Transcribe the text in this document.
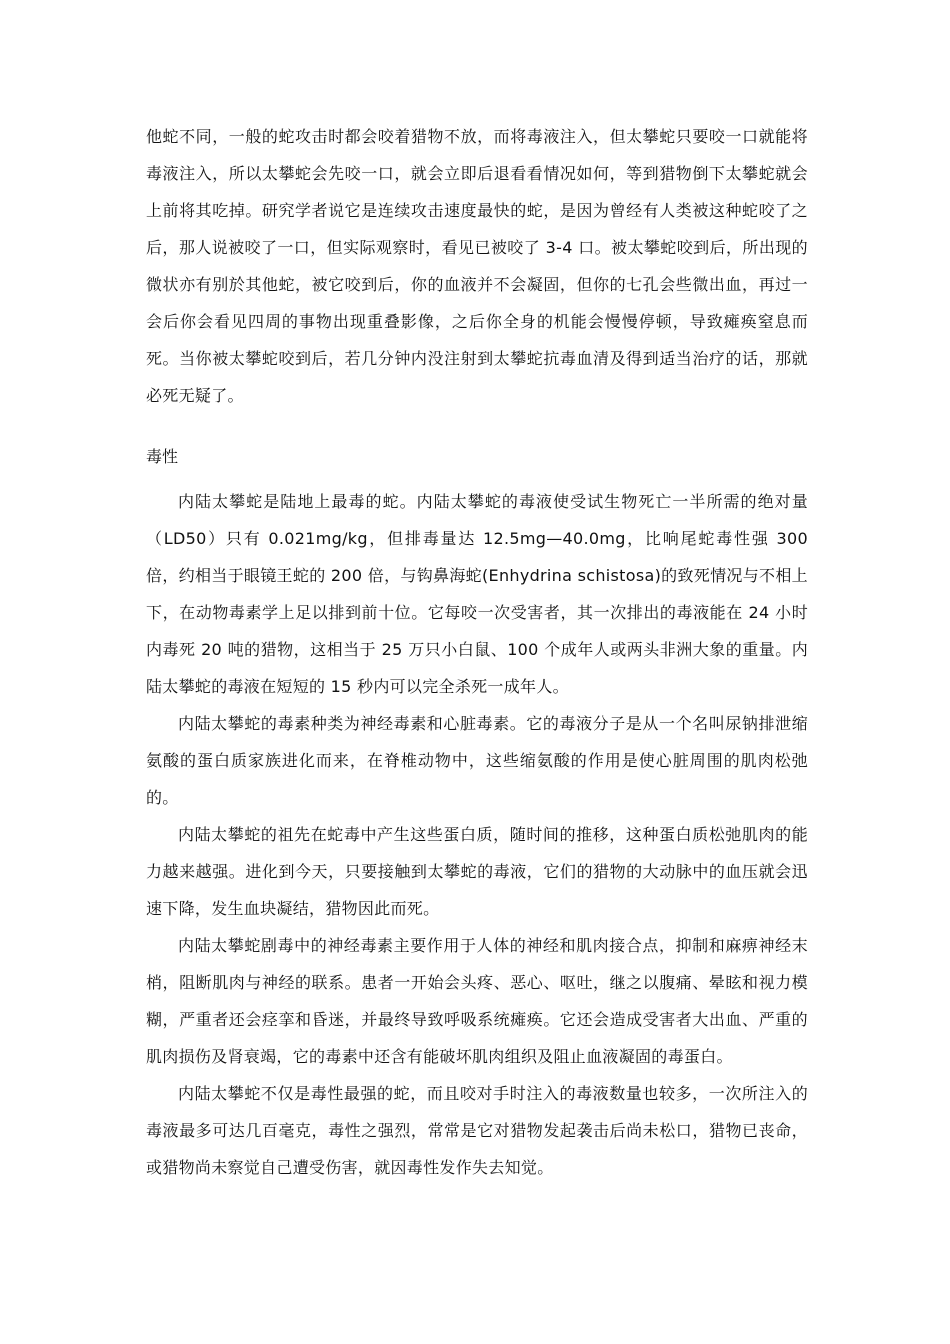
他蛇不同，一般的蛇攻击时都会咬着猎物不放，而将毒液注入，但太攀蛇只要咬一口就能将毒液注入，所以太攀蛇会先咬一口，就会立即后退看看情况如何，等到猎物倒下太攀蛇就会上前将其吃掉。研究学者说它是连续攻击速度最快的蛇，是因为曾经有人类被这种蛇咬了之后，那人说被咬了一口，但实际观察时，看见已被咬了 3-4 口。被太攀蛇咬到后，所出现的微状亦有别於其他蛇，被它咬到后，你的血液并不会凝固，但你的七孔会些微出血，再过一会后你会看见四周的事物出现重叠影像，之后你全身的机能会慢慢停顿，导致瘫痪窒息而死。当你被太攀蛇咬到后，若几分钟内没注射到太攀蛇抗毒血清及得到适当治疗的话，那就必死无疑了。

毒性

内陆太攀蛇是陆地上最毒的蛇。内陆太攀蛇的毒液使受试生物死亡一半所需的绝对量（LD50）只有 0.021mg/kg，但排毒量达 12.5mg—40.0mg，比响尾蛇毒性强 300 倍，约相当于眼镜王蛇的 200 倍，与钩鼻海蛇(Enhydrina schistosa)的致死情况与不相上下，在动物毒素学上足以排到前十位。它每咬一次受害者，其一次排出的毒液能在 24 小时内毒死 20 吨的猎物，这相当于 25 万只小白鼠、100 个成年人或两头非洲大象的重量。内陆太攀蛇的毒液在短短的 15 秒内可以完全杀死一成年人。

内陆太攀蛇的毒素种类为神经毒素和心脏毒素。它的毒液分子是从一个名叫尿钠排泄缩氨酸的蛋白质家族进化而来，在脊椎动物中，这些缩氨酸的作用是使心脏周围的肌肉松弛的。

内陆太攀蛇的祖先在蛇毒中产生这些蛋白质，随时间的推移，这种蛋白质松弛肌肉的能力越来越强。进化到今天，只要接触到太攀蛇的毒液，它们的猎物的大动脉中的血压就会迅速下降，发生血块凝结，猎物因此而死。

内陆太攀蛇剧毒中的神经毒素主要作用于人体的神经和肌肉接合点，抑制和麻痹神经末梢，阻断肌肉与神经的联系。患者一开始会头疼、恶心、呕吐，继之以腹痛、晕眩和视力模糊，严重者还会痉挛和昏迷，并最终导致呼吸系统瘫痪。它还会造成受害者大出血、严重的肌肉损伤及肾衰竭，它的毒素中还含有能破坏肌肉组织及阻止血液凝固的毒蛋白。

内陆太攀蛇不仅是毒性最强的蛇，而且咬对手时注入的毒液数量也较多，一次所注入的毒液最多可达几百毫克，毒性之强烈，常常是它对猎物发起袭击后尚未松口，猎物已丧命，或猎物尚未察觉自己遭受伤害，就因毒性发作失去知觉。
